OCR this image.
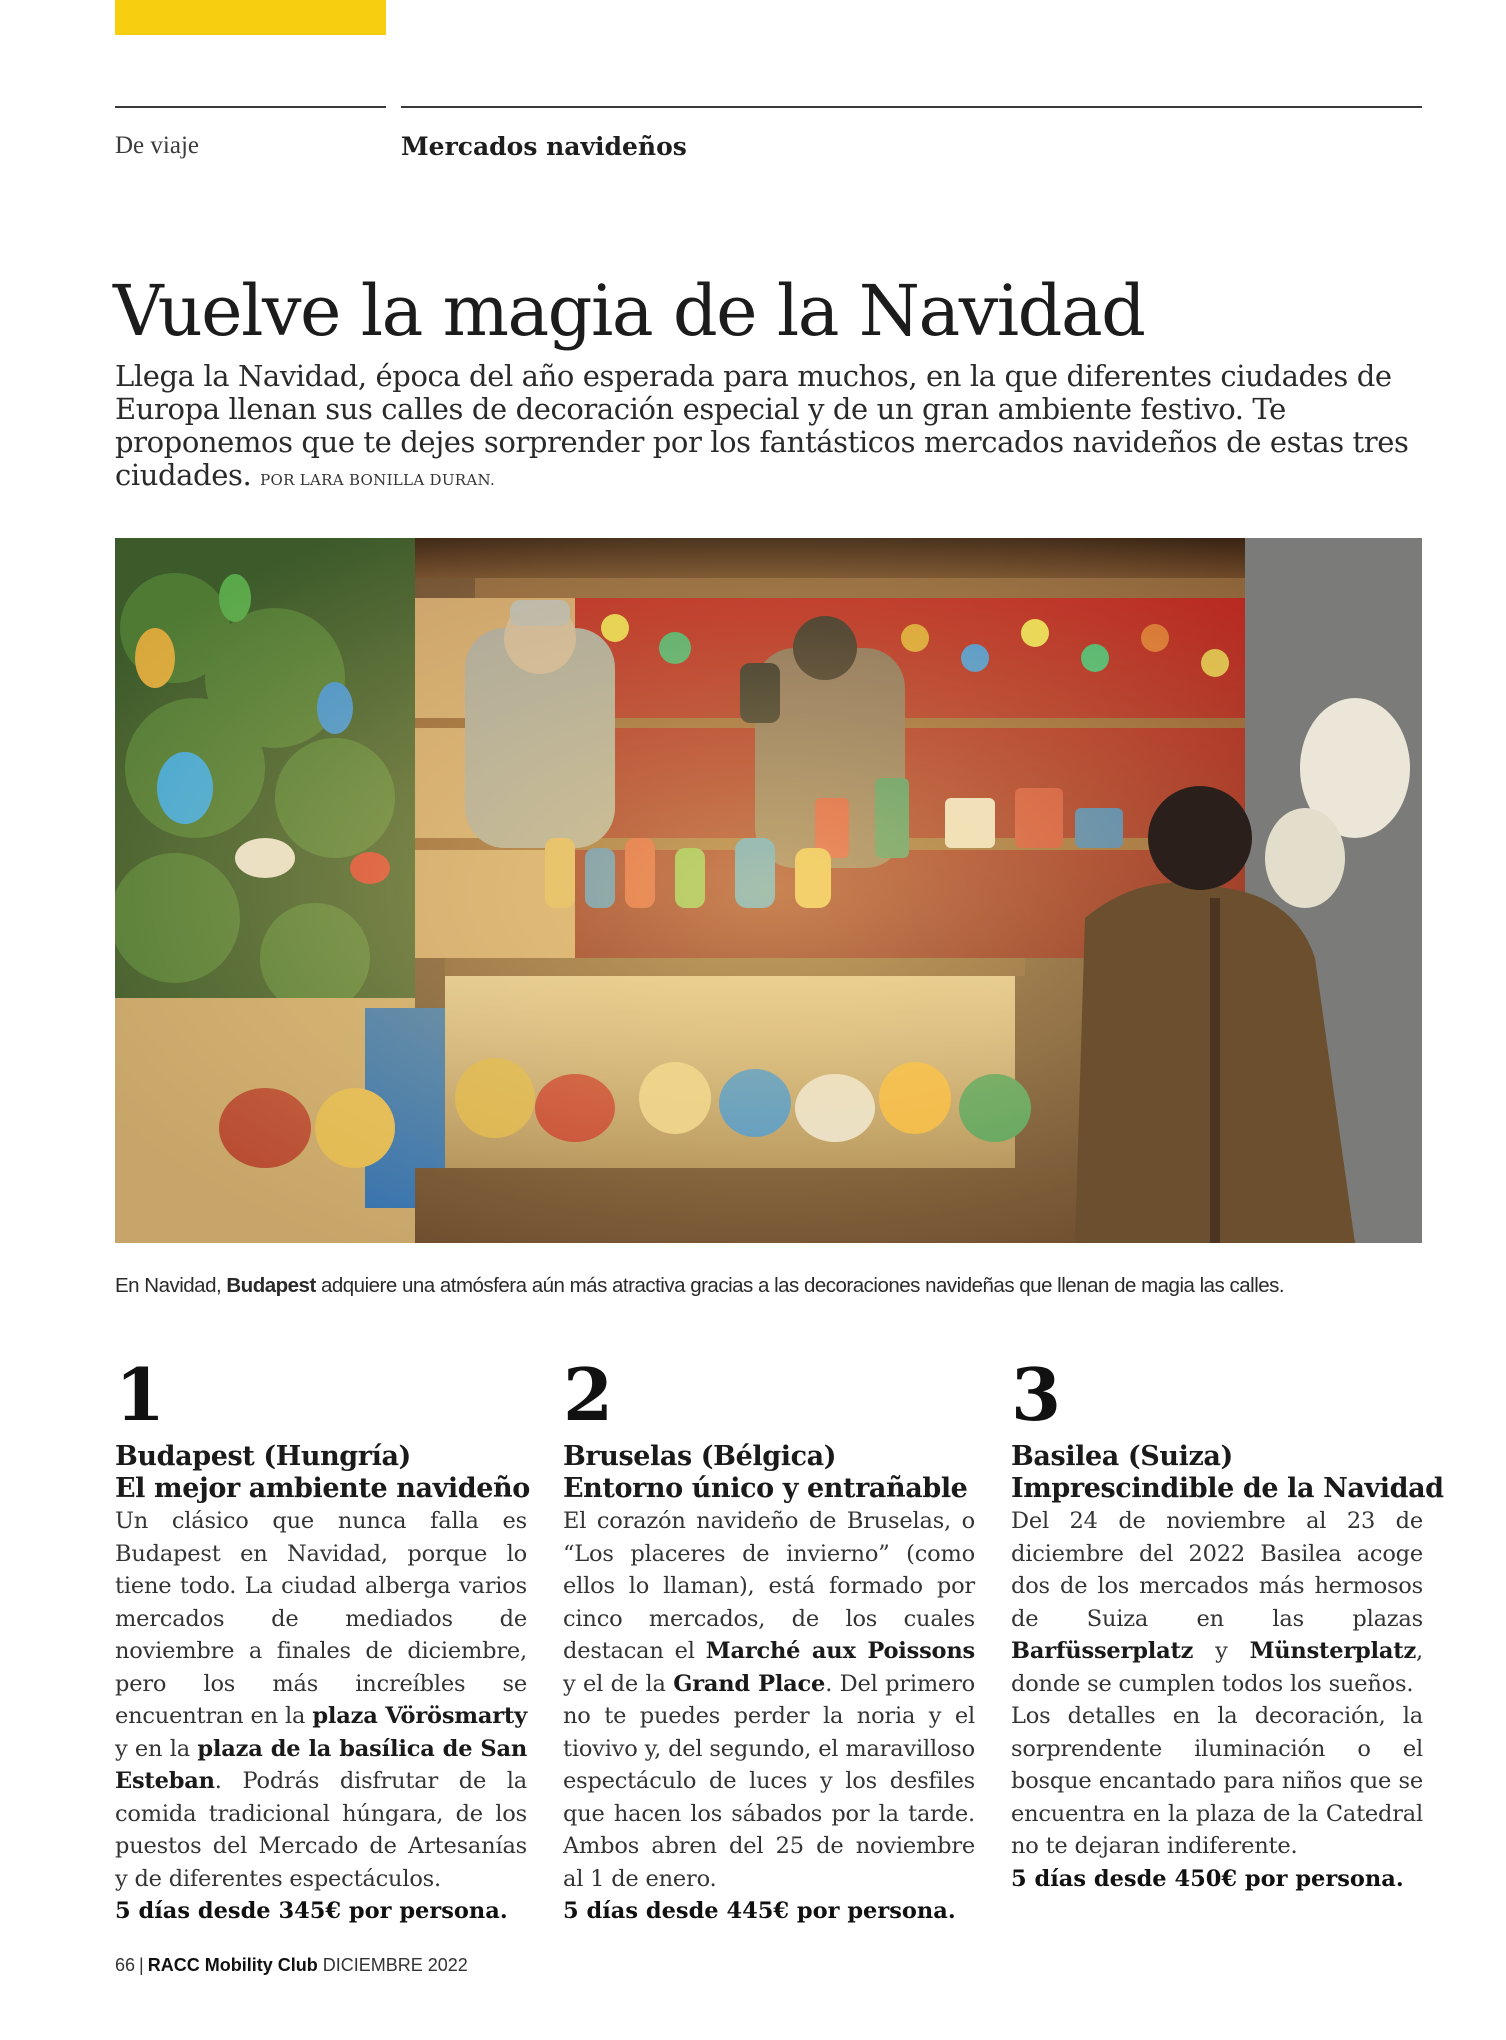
De viaje	Mercados navideños
Vuelve la magia de la Navidad
Llega la Navidad, época del año esperada para muchos, en la que diferentes ciudades de Europa llenan sus calles de decoración especial y de un gran ambiente festivo. Te proponemos que te dejes sorprender por los fantásticos mercados navideños de estas tres ciudades. POR LARA BONILLA DURAN.
En Navidad, Budapest adquiere una atmósfera aún más atractiva gracias a las decoraciones navideñas que llenan de magia las calles.
1
Budapest (Hungría)
El mejor ambiente navideño
Un clásico que nunca falla es Budapest en Navidad, porque lo tiene todo. La ciudad alberga varios mercados de mediados de noviembre a finales de diciembre, pero los más increíbles se encuentran en la plaza Vörösmarty y en la plaza de la basílica de San Esteban. Podrás disfrutar de la comida tradicional húngara, de los puestos del Mercado de Artesanías y de diferentes espectáculos.
5 días desde 345€ por persona.
2
Bruselas (Bélgica)
Entorno único y entrañable
El corazón navideño de Bruselas, o “Los placeres de invierno” (como ellos lo llaman), está formado por cinco mercados, de los cuales destacan el Marché aux Poissons y el de la Grand Place. Del primero no te puedes perder la noria y el tiovivo y, del segundo, el maravilloso espectáculo de luces y los desfiles que hacen los sábados por la tarde. Ambos abren del 25 de noviembre al 1 de enero.
5 días desde 445€ por persona.
3
Basilea (Suiza)
Imprescindible de la Navidad

Del 24 de noviembre al 23 de diciembre del 2022 Basilea acoge dos de los mercados más hermosos de Suiza en las plazas Barfüsserplatz y Münsterplatz, donde se cumplen todos los sueños.

Los detalles en la decoración, la sorprendente iluminación o el bosque encantado para niños que se encuentra en la plaza de la Catedral no te dejaran indiferente.

5 días desde 450€ por persona.
66 | RACC Mobility Club DICIEMBRE 2022
